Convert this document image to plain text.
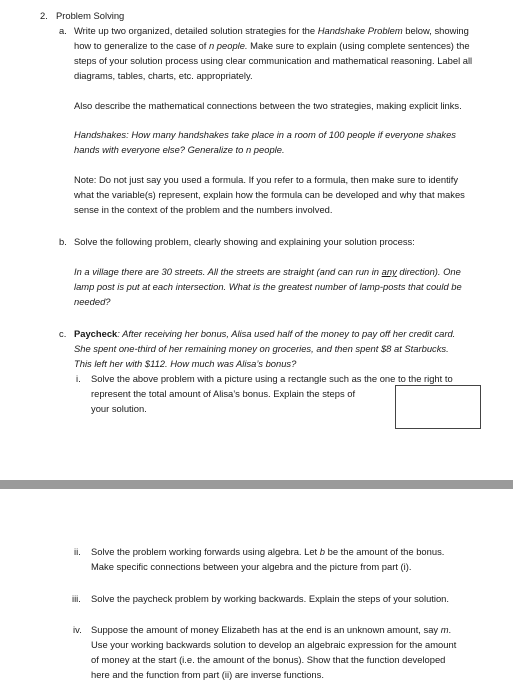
2. Problem Solving
a. Write up two organized, detailed solution strategies for the Handshake Problem below, showing
how to generalize to the case of n people. Make sure to explain (using complete sentences) the
steps of your solution process using clear communication and mathematical reasoning. Label all
diagrams, tables, charts, etc. appropriately.
Also describe the mathematical connections between the two strategies, making explicit links.
Handshakes: How many handshakes take place in a room of 100 people if everyone shakes
hands with everyone else? Generalize to n people.
Note: Do not just say you used a formula. If you refer to a formula, then make sure to identify
what the variable(s) represent, explain how the formula can be developed and why that makes
sense in the context of the problem and the numbers involved.
b. Solve the following problem, clearly showing and explaining your solution process:
In a village there are 30 streets. All the streets are straight (and can run in any direction). One
lamp post is put at each intersection. What is the greatest number of lamp-posts that could be
needed?
c. Paycheck: After receiving her bonus, Alisa used half of the money to pay off her credit card.
She spent one-third of her remaining money on groceries, and then spent $8 at Starbucks.
This left her with $112. How much was Alisa’s bonus?
i. Solve the above problem with a picture using a rectangle such as the one to the right to
represent the total amount of Alisa’s bonus. Explain the steps of
your solution.
ii. Solve the problem working forwards using algebra. Let b be the amount of the bonus.
Make specific connections between your algebra and the picture from part (i).
iii. Solve the paycheck problem by working backwards. Explain the steps of your solution.
iv. Suppose the amount of money Elizabeth has at the end is an unknown amount, say m.
Use your working backwards solution to develop an algebraic expression for the amount
of money at the start (i.e. the amount of the bonus). Show that the function developed
here and the function from part (ii) are inverse functions.
